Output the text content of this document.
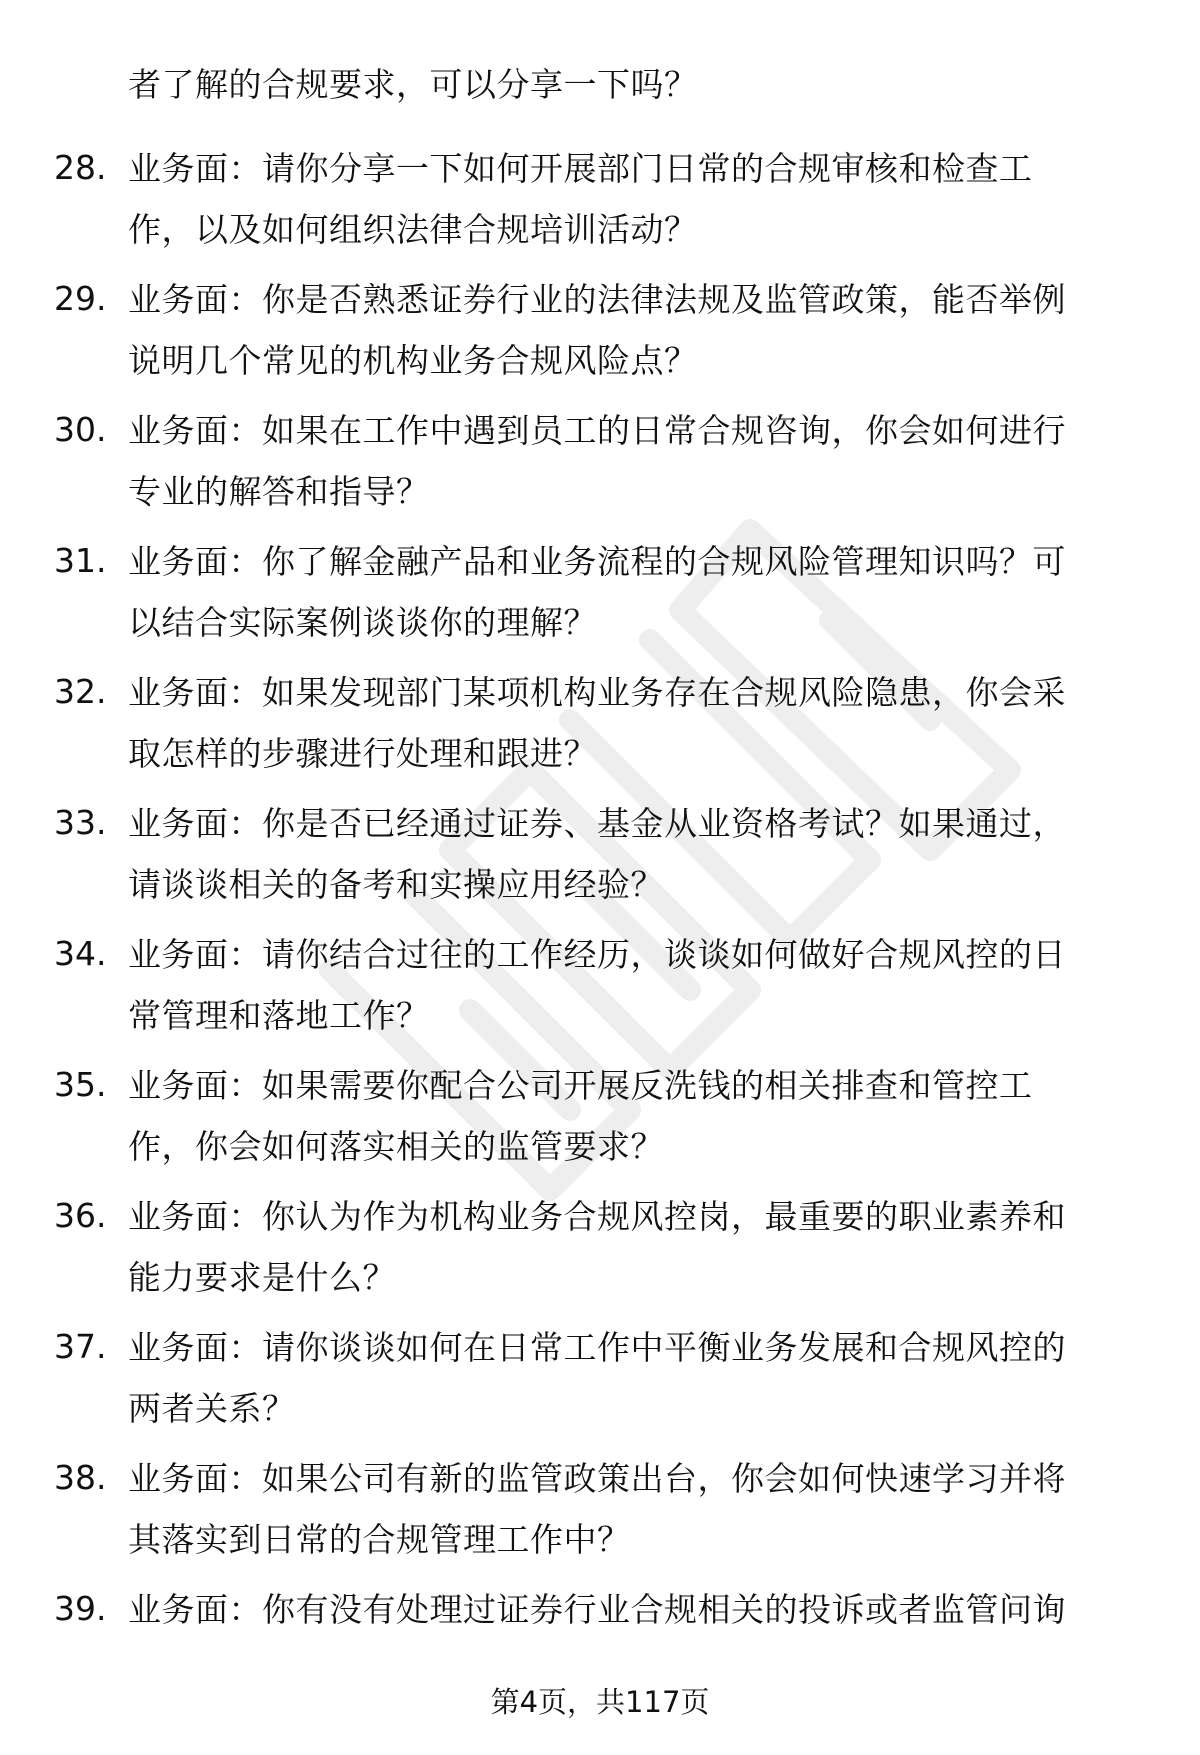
者了解的合规要求，可以分享一下吗？
28. 业务面：请你分享一下如何开展部门日常的合规审核和检查工
作，以及如何组织法律合规培训活动？
29. 业务面：你是否熟悉证券行业的法律法规及监管政策，能否举例
说明几个常见的机构业务合规风险点？
30. 业务面：如果在工作中遇到员工的日常合规咨询，你会如何进行
专业的解答和指导？
31. 业务面：你了解金融产品和业务流程的合规风险管理知识吗？可
以结合实际案例谈谈你的理解？
32. 业务面：如果发现部门某项机构业务存在合规风险隐患，你会采
取怎样的步骤进行处理和跟进？
33. 业务面：你是否已经通过证券、基金从业资格考试？如果通过，
请谈谈相关的备考和实操应用经验？
34. 业务面：请你结合过往的工作经历，谈谈如何做好合规风控的日
常管理和落地工作？
35. 业务面：如果需要你配合公司开展反洗钱的相关排查和管控工
作，你会如何落实相关的监管要求？
36. 业务面：你认为作为机构业务合规风控岗，最重要的职业素养和
能力要求是什么？
37. 业务面：请你谈谈如何在日常工作中平衡业务发展和合规风控的
两者关系？
38. 业务面：如果公司有新的监管政策出台，你会如何快速学习并将
其落实到日常的合规管理工作中？
39. 业务面：你有没有处理过证券行业合规相关的投诉或者监管问询
第4页，共117页
